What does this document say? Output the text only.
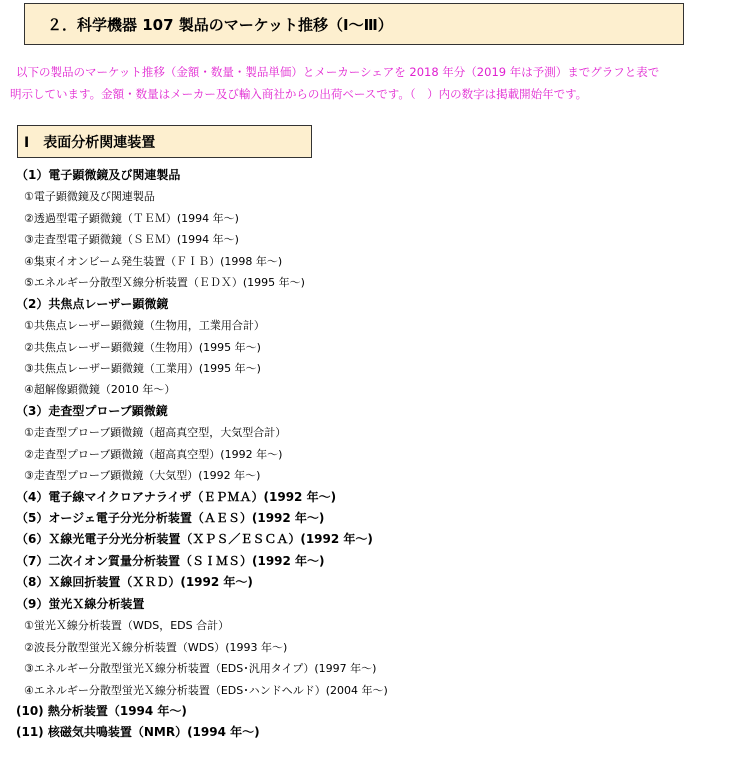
２．科学機器 107 製品のマーケット推移（Ⅰ～Ⅲ）

以下の製品のマーケット推移（金額・数量・製品単価）とメーカーシェアを 2018 年分（2019 年は予測）までグラフと表で

明示しています。金額・数量はメーカー及び輸入商社からの出荷ベースです。（　）内の数字は掲載開始年です。

Ⅰ　表面分析関連装置
（1）電子顕微鏡及び関連製品
①電子顕微鏡及び関連製品
②透過型電子顕微鏡（ＴＥＭ）(1994 年～)
③走査型電子顕微鏡（ＳＥＭ）(1994 年～)
④集束イオンビーム発生装置（ＦＩＢ）(1998 年～)
⑤エネルギー分散型Ｘ線分析装置（ＥＤＸ）(1995 年～)
（2）共焦点レーザー顕微鏡
①共焦点レーザー顕微鏡（生物用，工業用合計）
②共焦点レーザー顕微鏡（生物用）(1995 年～)
③共焦点レーザー顕微鏡（工業用）(1995 年～)
④超解像顕微鏡（2010 年～）
（3）走査型プローブ顕微鏡
①走査型プローブ顕微鏡（超高真空型，大気型合計）
②走査型プローブ顕微鏡（超高真空型）(1992 年～)
③走査型プローブ顕微鏡（大気型）(1992 年～)
（4）電子線マイクロアナライザ（ＥＰＭＡ）(1992 年～)
（5）オージェ電子分光分析装置（ＡＥＳ）(1992 年～)
（6）Ｘ線光電子分光分析装置（ＸＰＳ／ＥＳＣＡ）(1992 年～)
（7）二次イオン質量分析装置（ＳＩＭＳ）(1992 年～)
（8）Ｘ線回折装置（ＸＲＤ）(1992 年～)
（9）蛍光Ｘ線分析装置
①蛍光Ｘ線分析装置（WDS，EDS 合計）
②波長分散型蛍光Ｘ線分析装置（WDS）(1993 年～)
③エネルギー分散型蛍光Ｘ線分析装置（EDS･汎用タイプ）(1997 年～)
④エネルギー分散型蛍光Ｘ線分析装置（EDS･ハンドヘルド）(2004 年～)
(10) 熱分析装置（1994 年～)
(11) 核磁気共鳴装置（NMR）(1994 年～)
